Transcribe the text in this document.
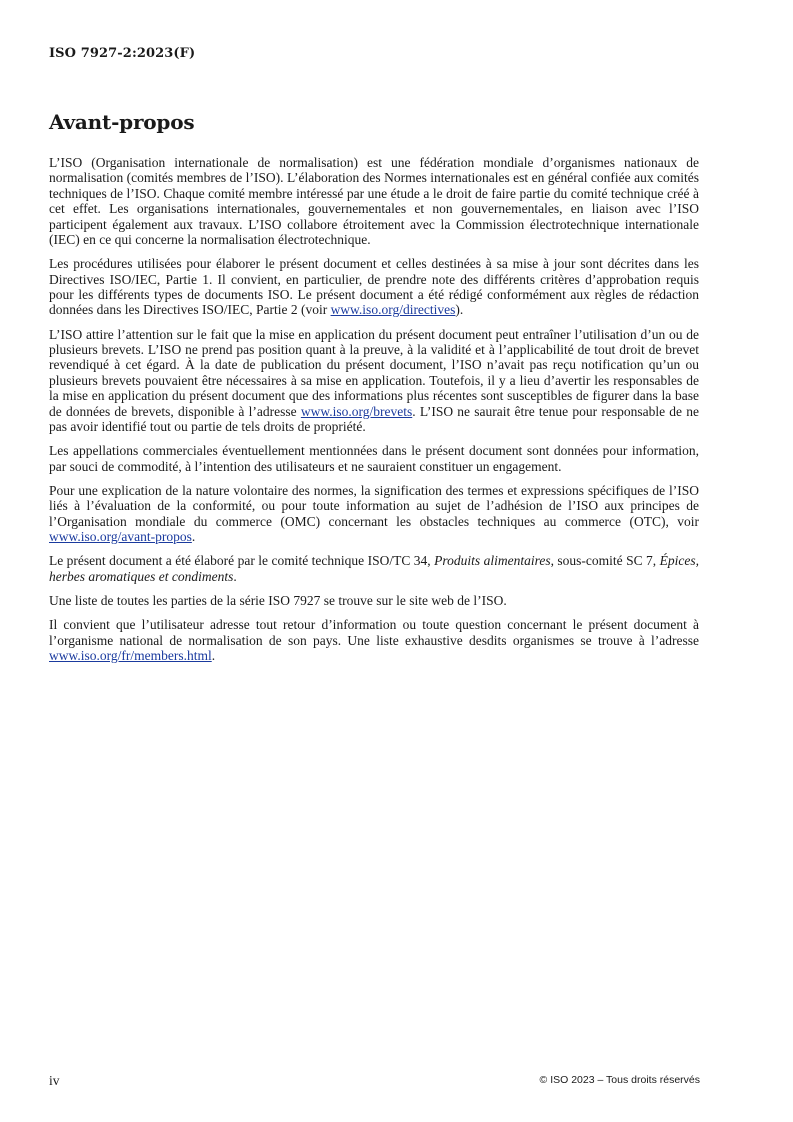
ISO 7927-2:2023(F)
Avant-propos

L’ISO (Organisation internationale de normalisation) est une fédération mondiale d’organismes nationaux de normalisation (comités membres de l’ISO). L’élaboration des Normes internationales est en général confiée aux comités techniques de l’ISO. Chaque comité membre intéressé par une étude a le droit de faire partie du comité technique créé à cet effet. Les organisations internationales, gouvernementales et non gouvernementales, en liaison avec l’ISO participent également aux travaux. L’ISO collabore étroitement avec la Commission électrotechnique internationale (IEC) en ce qui concerne la normalisation électrotechnique.

Les procédures utilisées pour élaborer le présent document et celles destinées à sa mise à jour sont décrites dans les Directives ISO/IEC, Partie 1. Il convient, en particulier, de prendre note des différents critères d’approbation requis pour les différents types de documents ISO. Le présent document a été rédigé conformément aux règles de rédaction données dans les Directives ISO/IEC, Partie 2 (voir www.iso.org/directives).

L’ISO attire l’attention sur le fait que la mise en application du présent document peut entraîner l’utilisation d’un ou de plusieurs brevets. L’ISO ne prend pas position quant à la preuve, à la validité et à l’applicabilité de tout droit de brevet revendiqué à cet égard. À la date de publication du présent document, l’ISO n’avait pas reçu notification qu’un ou plusieurs brevets pouvaient être nécessaires à sa mise en application. Toutefois, il y a lieu d’avertir les responsables de la mise en application du présent document que des informations plus récentes sont susceptibles de figurer dans la base de données de brevets, disponible à l’adresse www.iso.org/brevets. L’ISO ne saurait être tenue pour responsable de ne pas avoir identifié tout ou partie de tels droits de propriété.

Les appellations commerciales éventuellement mentionnées dans le présent document sont données pour information, par souci de commodité, à l’intention des utilisateurs et ne sauraient constituer un engagement.

Pour une explication de la nature volontaire des normes, la signification des termes et expressions spécifiques de l’ISO liés à l’évaluation de la conformité, ou pour toute information au sujet de l’adhésion de l’ISO aux principes de l’Organisation mondiale du commerce (OMC) concernant les obstacles techniques au commerce (OTC), voir www.iso.org/avant-propos.

Le présent document a été élaboré par le comité technique ISO/TC 34, Produits alimentaires, sous-comité SC 7, Épices, herbes aromatiques et condiments.

Une liste de toutes les parties de la série ISO 7927 se trouve sur le site web de l’ISO.

Il convient que l’utilisateur adresse tout retour d’information ou toute question concernant le présent document à l’organisme national de normalisation de son pays. Une liste exhaustive desdits organismes se trouve à l’adresse www.iso.org/fr/members.html.

iv	© ISO 2023 – Tous droits réservés
